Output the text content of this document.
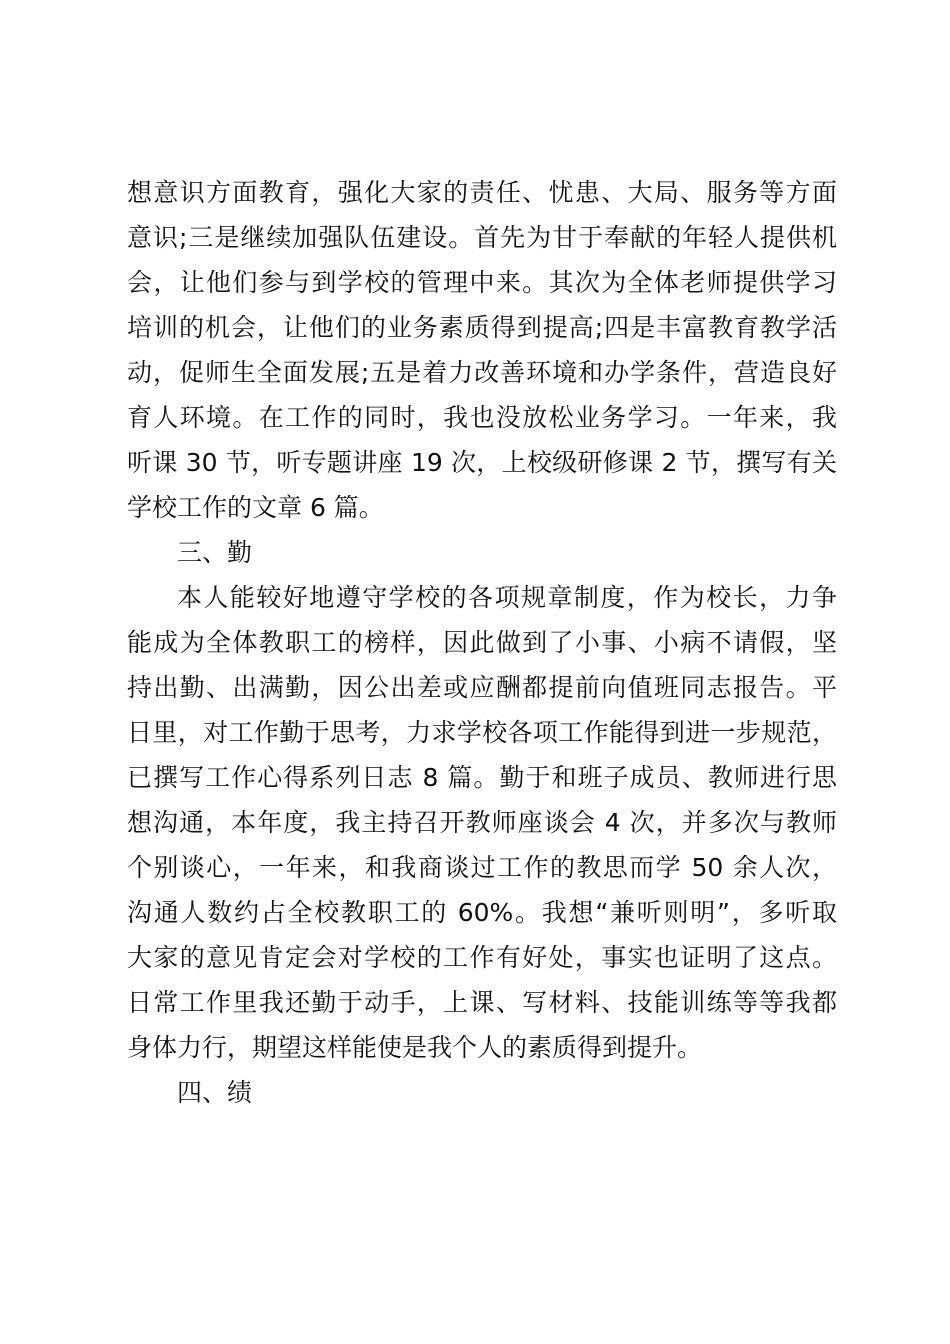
想意识方面教育，强化大家的责任、忧患、大局、服务等方面
意识;三是继续加强队伍建设。首先为甘于奉献的年轻人提供机
会，让他们参与到学校的管理中来。其次为全体老师提供学习
培训的机会，让他们的业务素质得到提高;四是丰富教育教学活
动，促师生全面发展;五是着力改善环境和办学条件，营造良好
育人环境。在工作的同时，我也没放松业务学习。一年来，我
听课 30 节，听专题讲座 19 次，上校级研修课 2 节，撰写有关
学校工作的文章 6 篇。
三、勤
本人能较好地遵守学校的各项规章制度，作为校长，力争
能成为全体教职工的榜样，因此做到了小事、小病不请假，坚
持出勤、出满勤，因公出差或应酬都提前向值班同志报告。平
日里，对工作勤于思考，力求学校各项工作能得到进一步规范，
已撰写工作心得系列日志 8 篇。勤于和班子成员、教师进行思
想沟通，本年度，我主持召开教师座谈会 4 次，并多次与教师
个别谈心，一年来，和我商谈过工作的教思而学 50 余人次，
沟通人数约占全校教职工的 60%。我想“兼听则明”，多听取
大家的意见肯定会对学校的工作有好处，事实也证明了这点。
日常工作里我还勤于动手，上课、写材料、技能训练等等我都
身体力行，期望这样能使是我个人的素质得到提升。
四、绩
